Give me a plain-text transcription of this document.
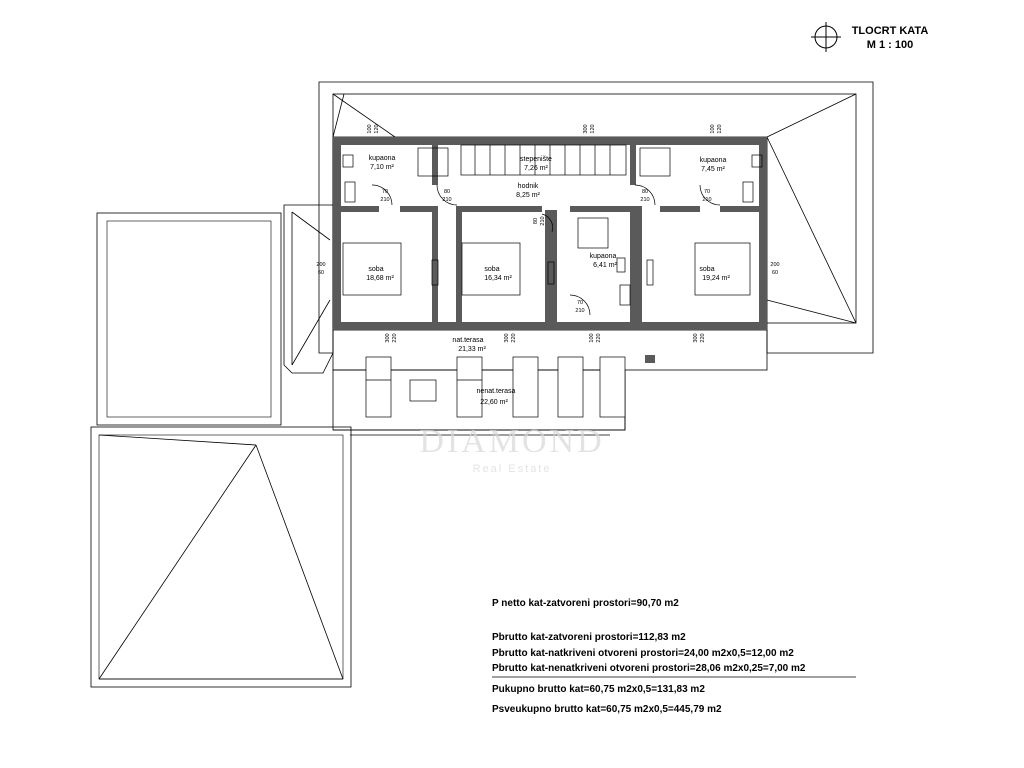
kupaona
7,10 m²
stepenište
7,26 m²
kupaona
7,45 m²
hodnik
8,25 m²
soba
18,68 m²
soba
16,34 m²
kupaona
6,41 m²
soba
19,24 m²
nat.terasa
21,33 m²
nenat.terasa
22,60 m²
100 120	300 120	100 120
70
210
80
210
80
210
70
210
80 210
200
60
200
60
70
210
300 220	300 220	100 220	300 220
DIAMOND
Real Estate
TLOCRT KATA
M 1 : 100
P netto kat-zatvoreni prostori=90,70 m2
Pbrutto kat-zatvoreni prostori=112,83 m2
Pbrutto kat-natkriveni otvoreni prostori=24,00 m2x0,5=12,00 m2
Pbrutto kat-nenatkriveni otvoreni prostori=28,06 m2x0,25=7,00 m2
Pukupno brutto kat=60,75 m2x0,5=131,83 m2
Psveukupno brutto kat=60,75 m2x0,5=445,79 m2
